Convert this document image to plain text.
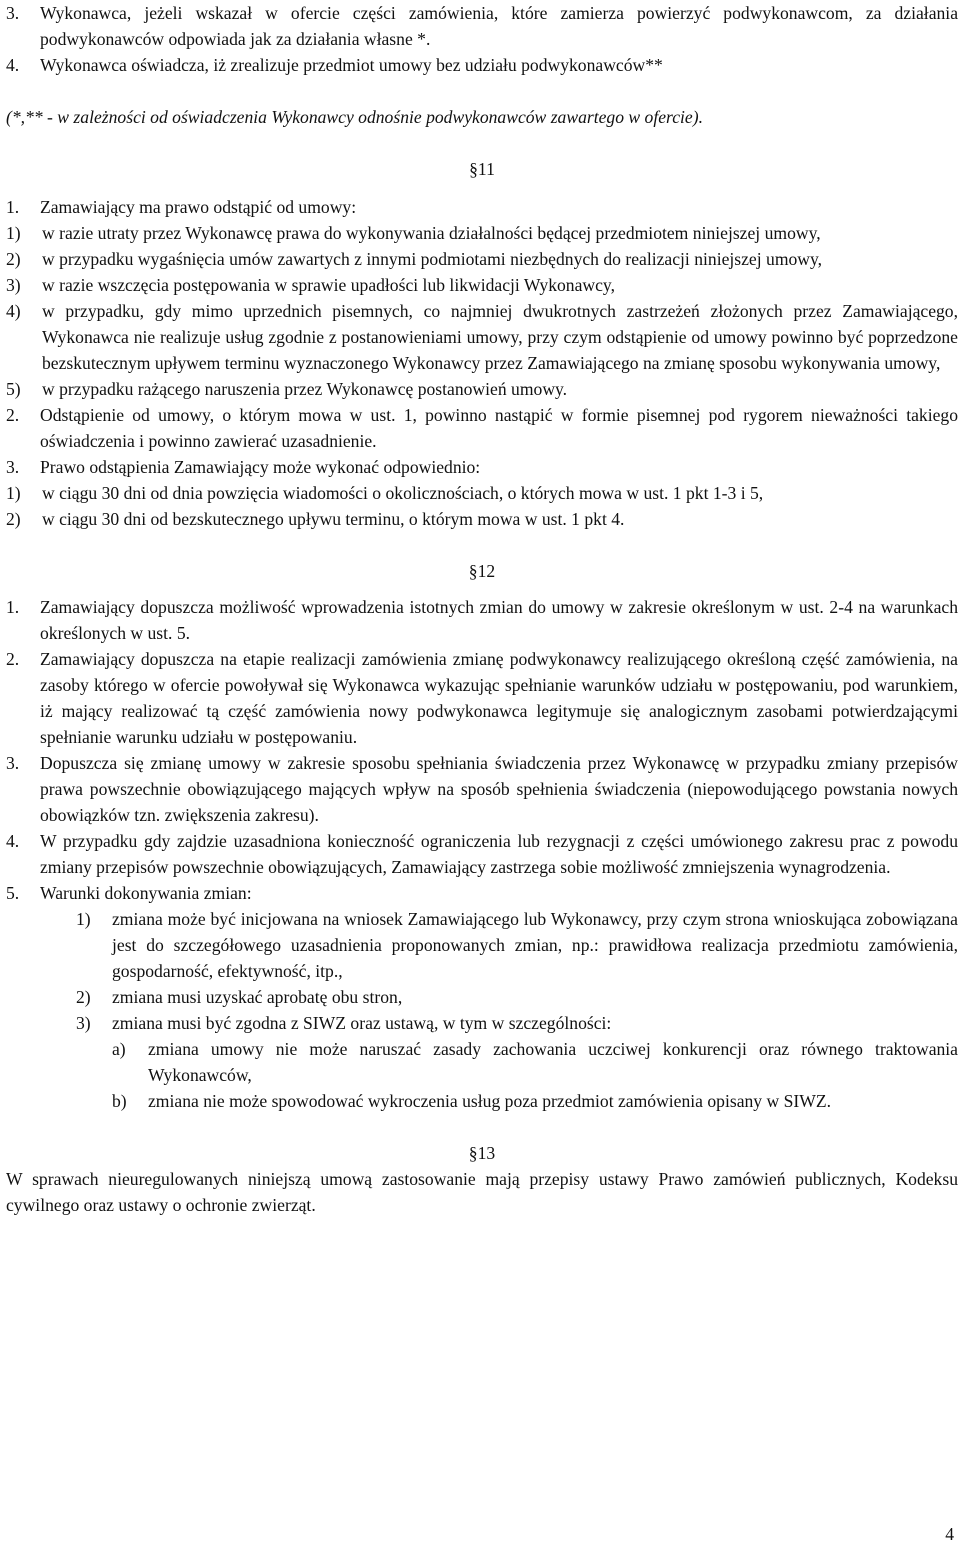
3.	Wykonawca, jeżeli wskazał w ofercie części zamówienia, które zamierza powierzyć podwykonawcom, za działania podwykonawców odpowiada jak za działania własne *.
4.	Wykonawca oświadcza, iż zrealizuje przedmiot umowy bez udziału podwykonawców**

(*,** - w zależności od oświadczenia Wykonawcy odnośnie podwykonawców zawartego w ofercie).

§11

1.	Zamawiający ma prawo odstąpić od umowy:
1)	w razie utraty przez Wykonawcę prawa do wykonywania działalności będącej przedmiotem niniejszej umowy,
2)	w przypadku wygaśnięcia umów zawartych z innymi podmiotami niezbędnych do realizacji niniejszej umowy,
3)	w razie wszczęcia postępowania w sprawie upadłości lub likwidacji Wykonawcy,
4)	w przypadku, gdy mimo uprzednich pisemnych, co najmniej dwukrotnych zastrzeżeń złożonych przez Zamawiającego, Wykonawca nie realizuje usług zgodnie z postanowieniami umowy, przy czym odstąpienie od umowy powinno być poprzedzone bezskutecznym upływem terminu wyznaczonego Wykonawcy przez Zamawiającego na zmianę sposobu wykonywania umowy,
5)	w przypadku rażącego naruszenia przez Wykonawcę postanowień umowy.
2.	Odstąpienie od umowy, o którym mowa w ust. 1, powinno nastąpić w formie pisemnej pod rygorem nieważności takiego oświadczenia i powinno zawierać uzasadnienie.
3.	Prawo odstąpienia Zamawiający może wykonać odpowiednio:
1)	w ciągu 30 dni od dnia powzięcia wiadomości o okolicznościach, o których mowa w ust. 1 pkt 1-3 i 5,
2)	w ciągu 30 dni od bezskutecznego upływu terminu, o którym mowa w ust. 1 pkt 4.

§12

1.	Zamawiający dopuszcza możliwość wprowadzenia istotnych zmian do umowy w zakresie określonym w ust. 2-4 na warunkach określonych w ust. 5.
2.	Zamawiający dopuszcza na etapie realizacji zamówienia zmianę podwykonawcy realizującego określoną część zamówienia, na zasoby którego w ofercie powoływał się Wykonawca wykazując spełnianie warunków udziału w postępowaniu, pod warunkiem, iż mający realizować tą część zamówienia nowy podwykonawca legitymuje się analogicznym zasobami potwierdzającymi spełnianie warunku udziału w postępowaniu.
3.	Dopuszcza się zmianę umowy w zakresie sposobu spełniania świadczenia przez Wykonawcę w przypadku zmiany przepisów prawa powszechnie obowiązującego mających wpływ na sposób spełnienia świadczenia (niepowodującego powstania nowych obowiązków tzn. zwiększenia zakresu).
4.	W przypadku gdy zajdzie uzasadniona konieczność ograniczenia lub rezygnacji z części umówionego zakresu prac z powodu zmiany przepisów powszechnie obowiązujących, Zamawiający zastrzega sobie możliwość zmniejszenia wynagrodzenia.
5.	Warunki dokonywania zmian:
1)	zmiana może być inicjowana na wniosek Zamawiającego lub Wykonawcy, przy czym strona wnioskująca zobowiązana jest do szczegółowego uzasadnienia proponowanych zmian, np.: prawidłowa realizacja przedmiotu zamówienia, gospodarność, efektywność, itp.,
2)	zmiana musi uzyskać aprobatę obu stron,
3)	zmiana musi być zgodna z SIWZ oraz ustawą, w tym w szczególności:
a)	zmiana umowy nie może naruszać zasady zachowania uczciwej konkurencji oraz równego traktowania Wykonawców,
b)	zmiana nie może spowodować wykroczenia usług poza przedmiot zamówienia opisany w SIWZ.

§13

W sprawach nieuregulowanych niniejszą umową zastosowanie mają przepisy ustawy Prawo zamówień publicznych, Kodeksu cywilnego oraz ustawy o ochronie zwierząt.

4
